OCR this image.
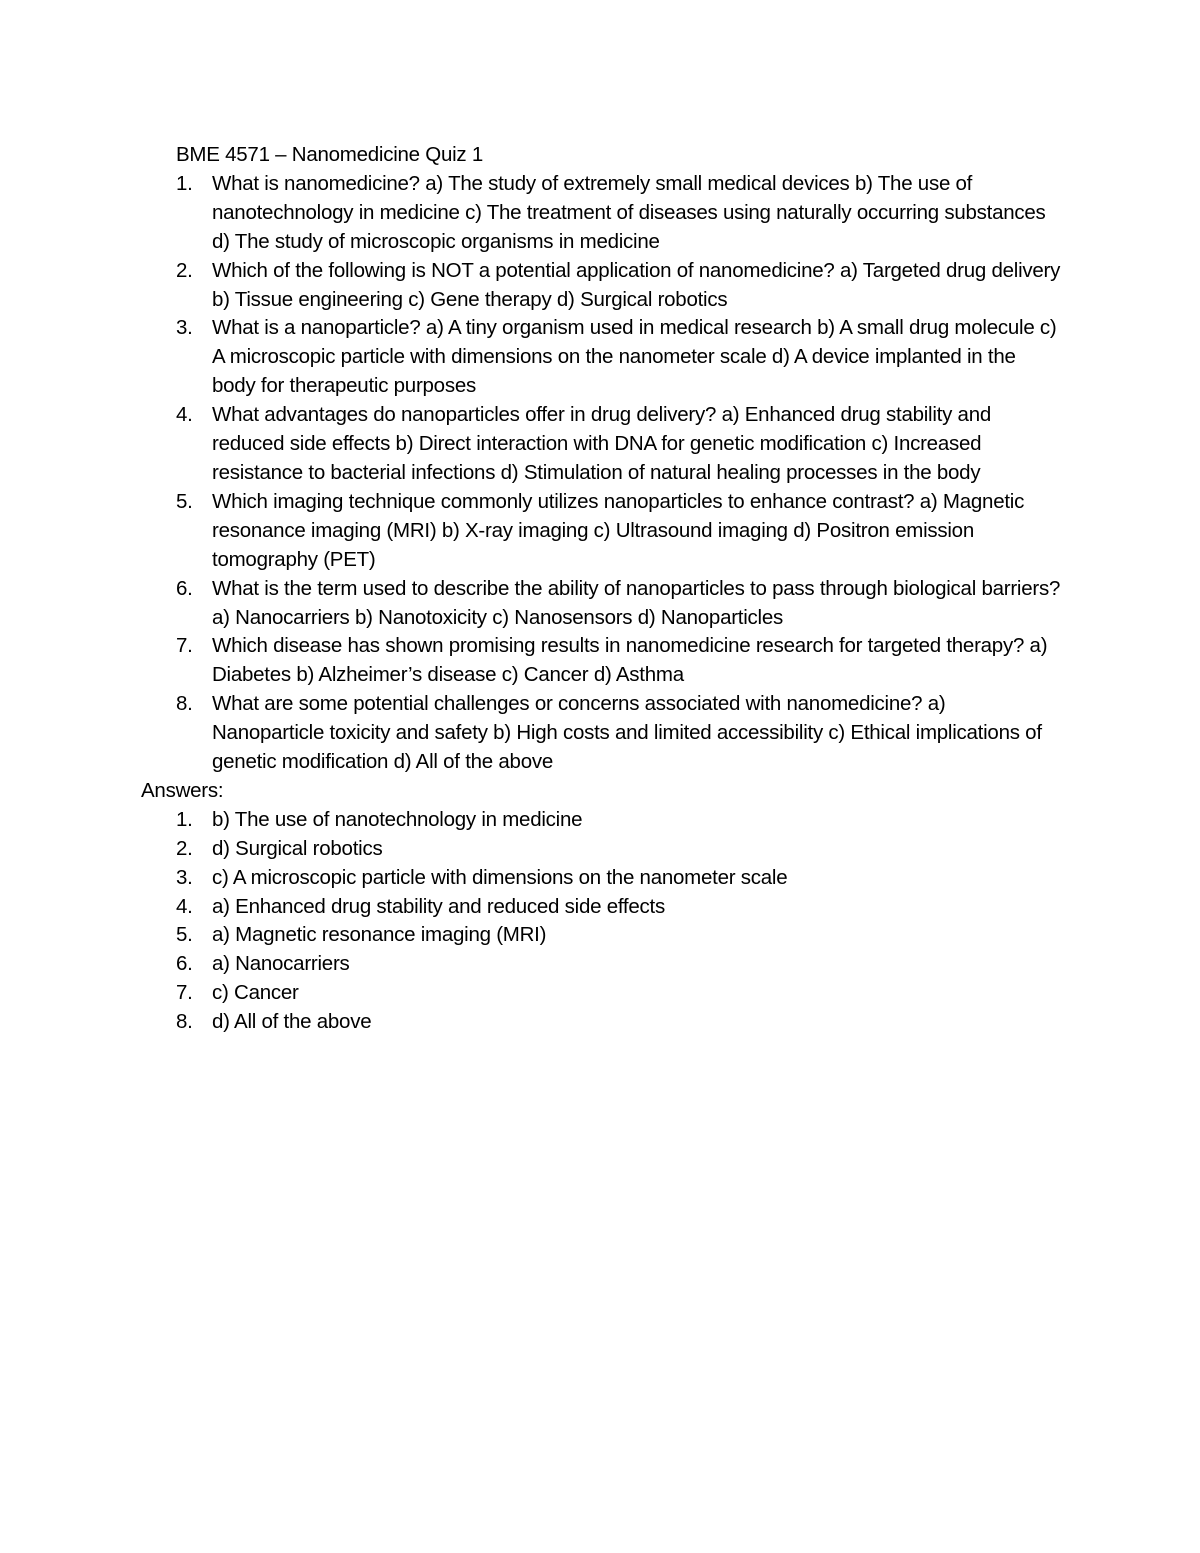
BME 4571 – Nanomedicine Quiz 1
1. What is nanomedicine? a) The study of extremely small medical devices b) The use of nanotechnology in medicine c) The treatment of diseases using naturally occurring substances d) The study of microscopic organisms in medicine
2. Which of the following is NOT a potential application of nanomedicine? a) Targeted drug delivery b) Tissue engineering c) Gene therapy d) Surgical robotics
3. What is a nanoparticle? a) A tiny organism used in medical research b) A small drug molecule c) A microscopic particle with dimensions on the nanometer scale d) A device implanted in the body for therapeutic purposes
4. What advantages do nanoparticles offer in drug delivery? a) Enhanced drug stability and reduced side effects b) Direct interaction with DNA for genetic modification c) Increased resistance to bacterial infections d) Stimulation of natural healing processes in the body
5. Which imaging technique commonly utilizes nanoparticles to enhance contrast? a) Magnetic resonance imaging (MRI) b) X-ray imaging c) Ultrasound imaging d) Positron emission tomography (PET)
6. What is the term used to describe the ability of nanoparticles to pass through biological barriers? a) Nanocarriers b) Nanotoxicity c) Nanosensors d) Nanoparticles
7. Which disease has shown promising results in nanomedicine research for targeted therapy? a) Diabetes b) Alzheimer’s disease c) Cancer d) Asthma
8. What are some potential challenges or concerns associated with nanomedicine? a) Nanoparticle toxicity and safety b) High costs and limited accessibility c) Ethical implications of genetic modification d) All of the above
Answers:
1. b) The use of nanotechnology in medicine
2. d) Surgical robotics
3. c) A microscopic particle with dimensions on the nanometer scale
4. a) Enhanced drug stability and reduced side effects
5. a) Magnetic resonance imaging (MRI)
6. a) Nanocarriers
7. c) Cancer
8. d) All of the above
